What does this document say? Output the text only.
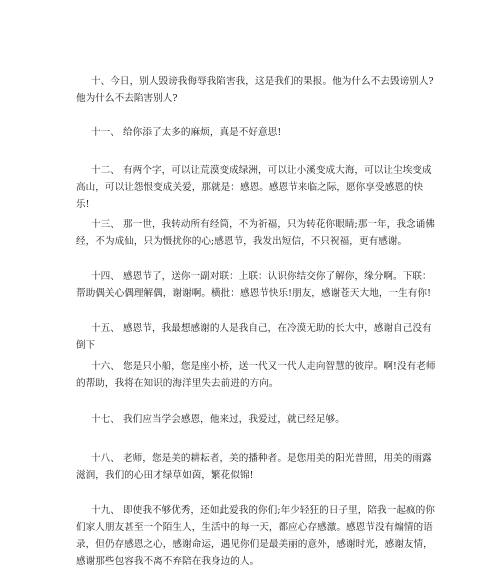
十、今日，别人毁谤我侮辱我陷害我，这是我们的果报。他为什么不去毁谤别人?他为什么不去陷害别人?

十一、 给你添了太多的麻烦，真是不好意思!

十二、 有两个字，可以让荒漠变成绿洲，可以让小溪变成大海，可以让尘埃变成高山，可以让怨恨变成关爱，那就是：感恩。感恩节来临之际，愿你享受感恩的快乐!

十三、 那一世，我转动所有经筒，不为祈福，只为转花你眼睛;那一年，我念诵佛经，不为成仙，只为慑扰你的心;感恩节，我发出短信，不只祝福，更有感谢。

十四、 感恩节了，送你一副对联：上联：认识你结交你了解你，缘分啊。下联：帮助偶关心偶理解偶，谢谢啊。横批：感恩节快乐!朋友，感谢苍天大地，一生有你!

十五、 感恩节，我最想感谢的人是我自己，在冷漠无助的长大中，感谢自己没有倒下

十六、 您是只小船，您是座小桥，送一代又一代人走向智慧的彼岸。啊!没有老师的帮助，我将在知识的海洋里失去前进的方向。

十七、 我们应当学会感恩，他来过，我爱过，就已经足够。

十八、 老师，您是美的耕耘者，美的播种者。是您用美的阳光普照，用美的雨露滋润，我们的心田才绿草如茵，繁花似锦!

十九、 即使我不够优秀，还如此爱我的你们;年少轻狂的日子里，陪我一起疯的你们家人朋友甚至一个陌生人，生活中的每一天，都应心存感激。感恩节没有煽情的语录，但仍存感恩之心，感谢命运，遇见你们是最美丽的意外，感谢时光，感谢友情，感谢那些包容我不离不弃陪在我身边的人。
